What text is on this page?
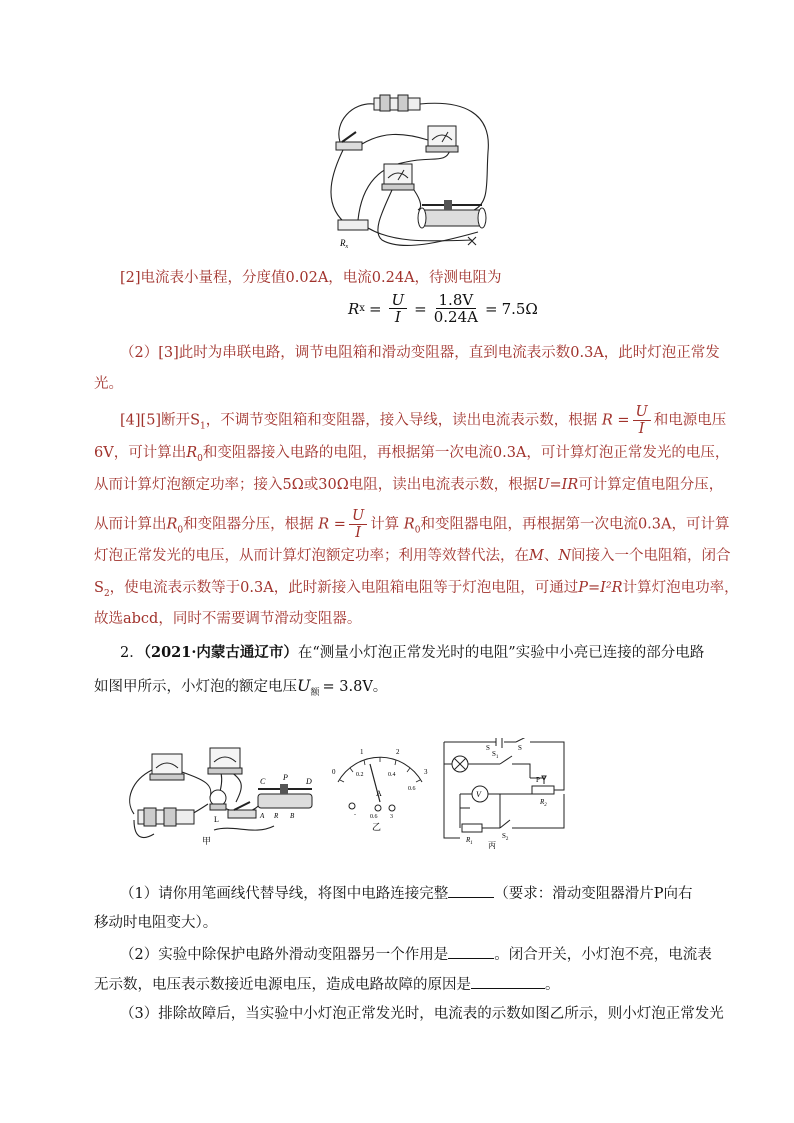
$R_x$
[2]电流表小量程，分度值0.02A，电流0.24A，待测电阻为
R $x = \frac{U}{I} = \frac{1.8V}{0.24A} = 7.5\Omega$
（2）[3]此时为串联电路，调节电阻箱和滑动变阻器，直到电流表示数0.3A，此时灯泡正常发
光。
[4][5]断开$S_1$，不调节变阻箱和变阻器，接入导线，读出电流表示数，根据 $R = \frac{U}{I}$ 和电源电压
6V，可计算出$R_0$和变阻器接入电路的电阻，再根据第一次电流0.3A，可计算灯泡正常发光的电压，
从而计算灯泡额定功率；接入5Ω或30Ω电阻，读出电流表示数，根据U=IR可计算定值电阻分压，
从而计算出$R_0$和变阻器分压，根据 $R = \frac{U}{I}$ 计算 $R_0$和变阻器电阻，再根据第一次电流0.3A，可计算
灯泡正常发光的电压，从而计算灯泡额定功率；利用等效替代法，在M、N间接入一个电阻箱，闭合
$S_2$，使电流表示数等于0.3A，此时新接入电阻箱电阻等于灯泡电阻，可通过P=I²R计算灯泡电功率，
故选abcd，同时不需要调节滑动变阻器。
2．（2021·内蒙古通辽市）在“测量小灯泡正常发光时的电阻”实验中小亮已连接的部分电路
如图甲所示，小灯泡的额定电压$U_额 = 3.8V$。
L
C P D
A R B
甲
0
1	2
3
0.2	0.4
0.6
A
- 0.6 3
乙
S	S
$S_1$
V
P
$R_2$
$R_1$
$S_2$
丙
（1）请你用笔画线代替导线，将图中电路连接完整	（要求：滑动变阻器滑片P向右
移动时电阻变大）。
（2）实验中除保护电路外滑动变阻器另一个作用是	。闭合开关，小灯泡不亮，电流表
无示数，电压表示数接近电源电压，造成电路故障的原因是	。
（3）排除故障后，当实验中小灯泡正常发光时，电流表的示数如图乙所示，则小灯泡正常发光
